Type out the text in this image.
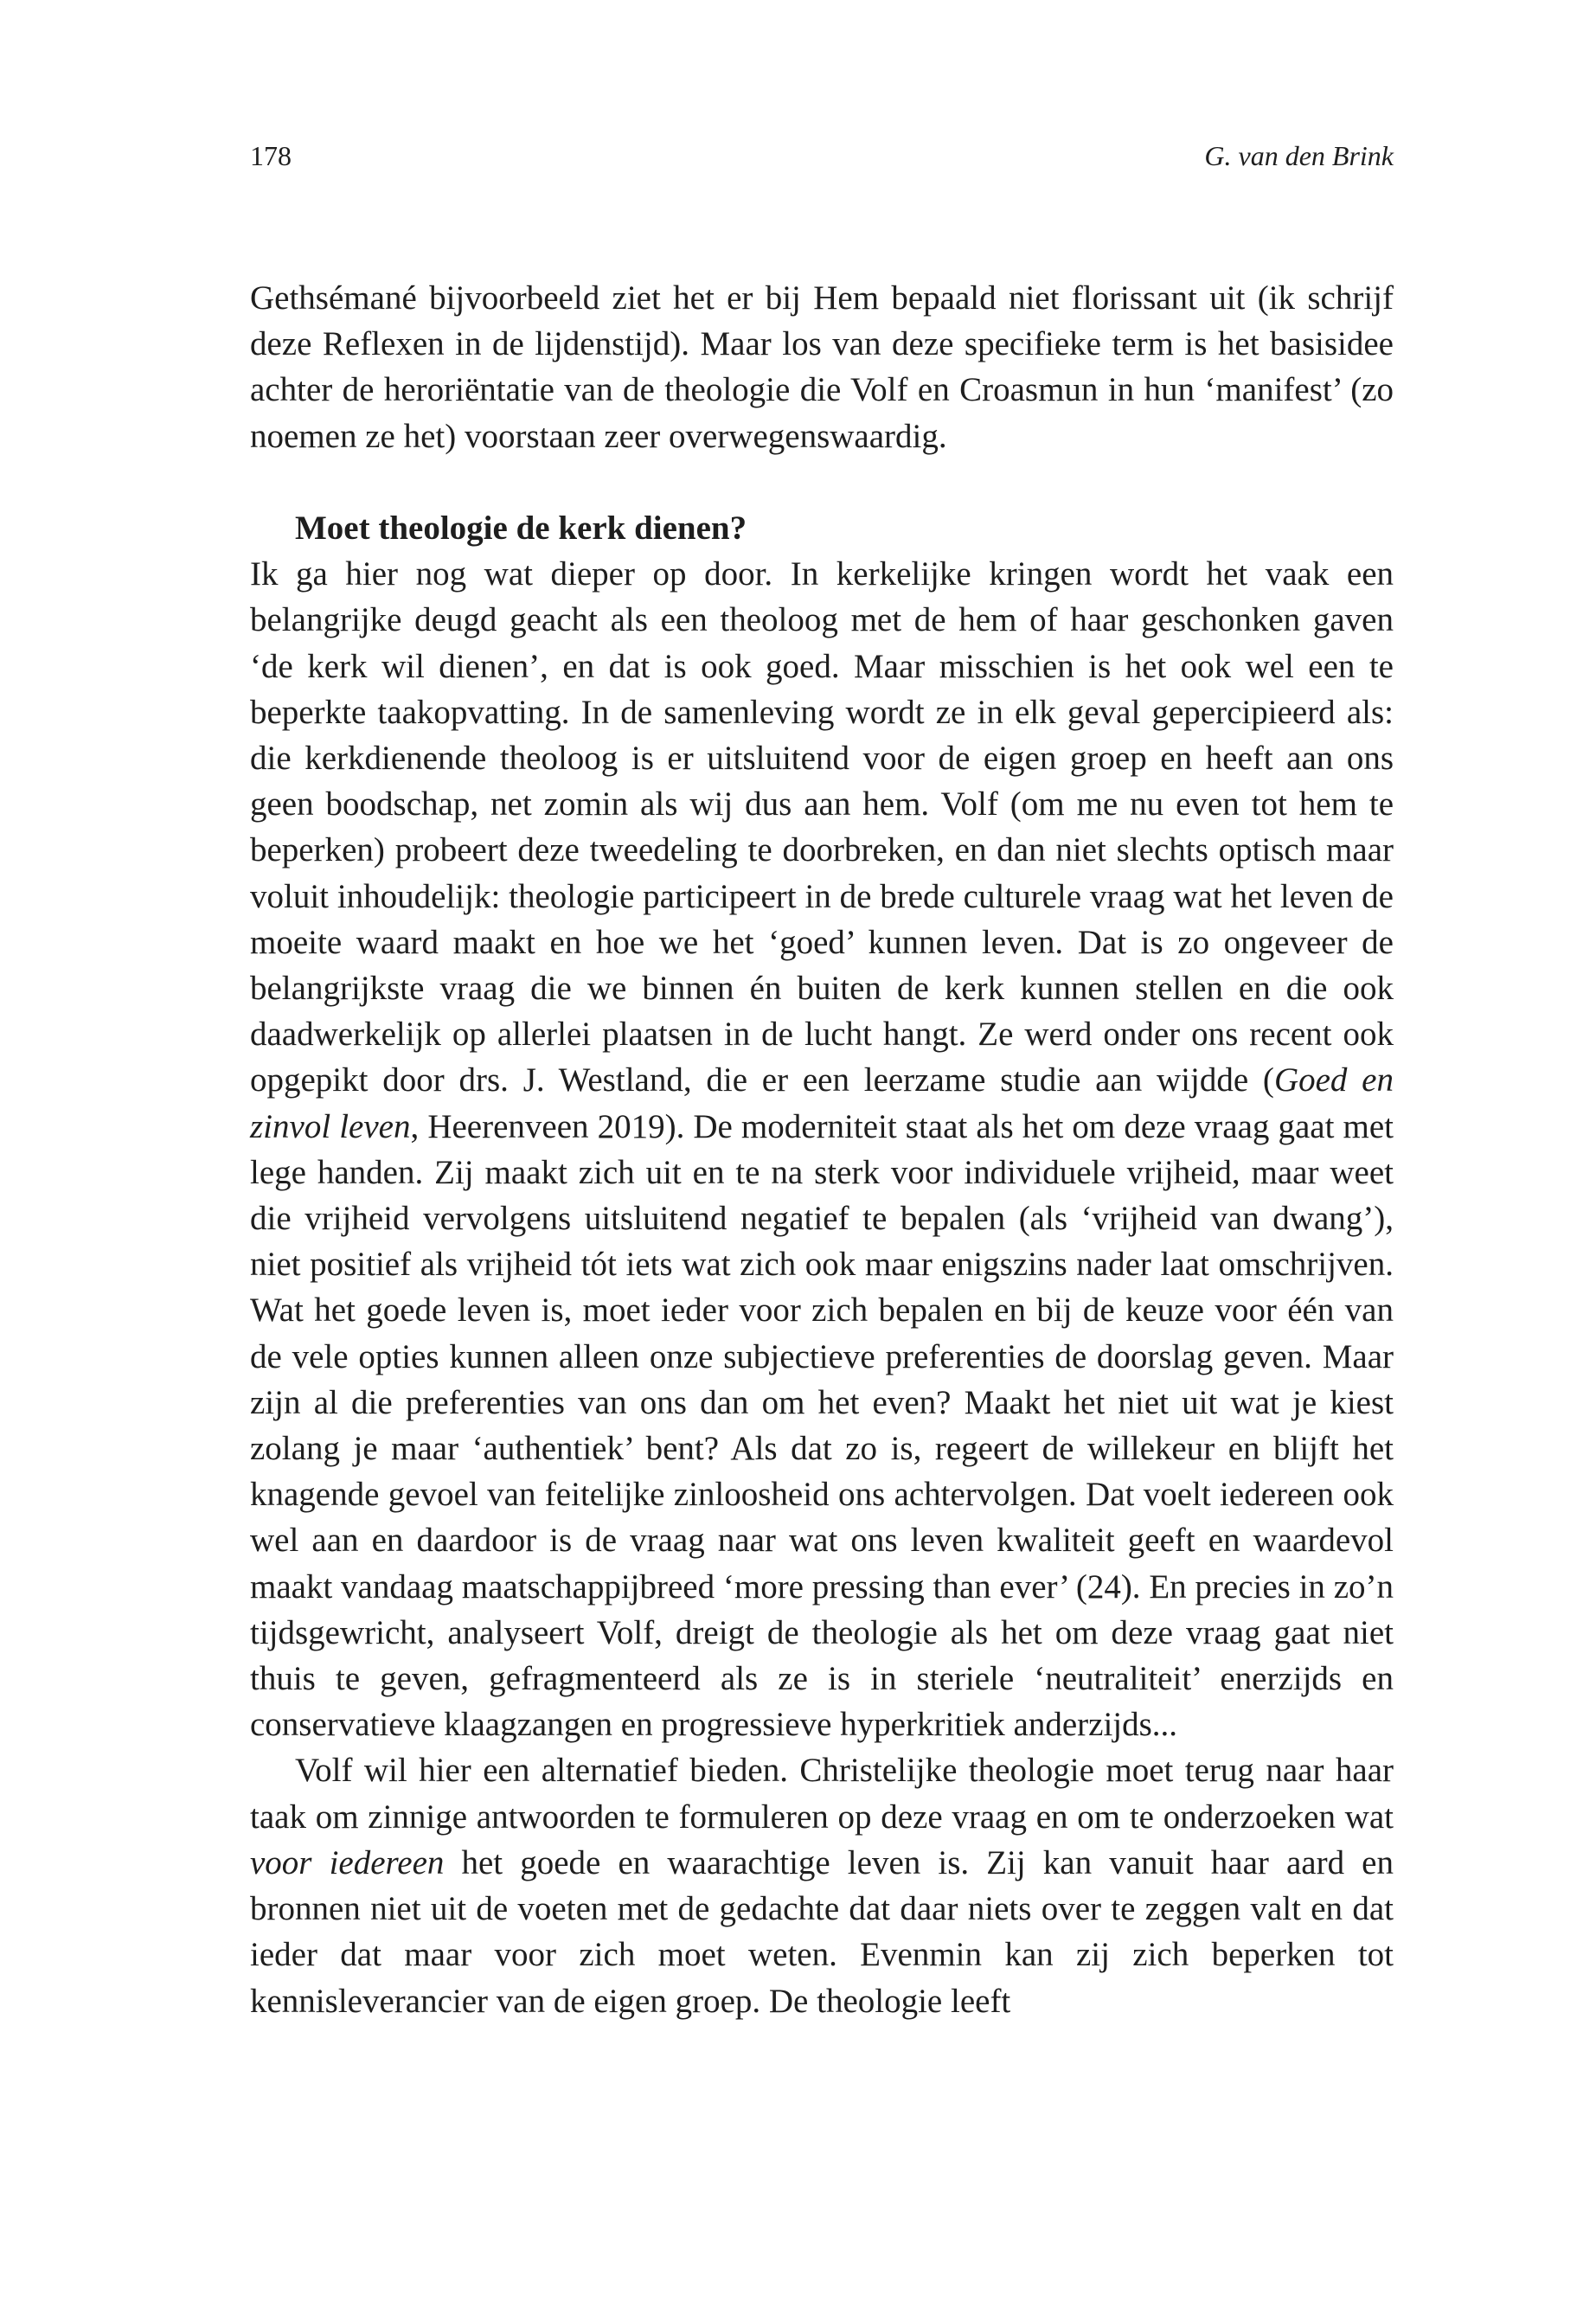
178	G. van den Brink

Gethsémané bijvoorbeeld ziet het er bij Hem bepaald niet florissant uit (ik schrijf deze Reflexen in de lijdenstijd). Maar los van deze specifieke term is het basisidee achter de heroriëntatie van de theologie die Volf en Croasmun in hun ‘manifest’ (zo noemen ze het) voorstaan zeer overwegenswaardig.

Moet theologie de kerk dienen?

Ik ga hier nog wat dieper op door. In kerkelijke kringen wordt het vaak een belangrijke deugd geacht als een theoloog met de hem of haar geschonken gaven ‘de kerk wil dienen’, en dat is ook goed. Maar misschien is het ook wel een te beperkte taakopvatting. In de samenleving wordt ze in elk geval gepercipieerd als: die kerkdienende theoloog is er uitsluitend voor de eigen groep en heeft aan ons geen boodschap, net zomin als wij dus aan hem. Volf (om me nu even tot hem te beperken) probeert deze tweedeling te doorbreken, en dan niet slechts optisch maar voluit inhoudelijk: theologie participeert in de brede culturele vraag wat het leven de moeite waard maakt en hoe we het ‘goed’ kunnen leven. Dat is zo ongeveer de belangrijkste vraag die we binnen én buiten de kerk kunnen stellen en die ook daadwerkelijk op allerlei plaatsen in de lucht hangt. Ze werd onder ons recent ook opgepikt door drs. J. Westland, die er een leerzame studie aan wijdde (Goed en zinvol leven, Heerenveen 2019). De moderniteit staat als het om deze vraag gaat met lege handen. Zij maakt zich uit en te na sterk voor individuele vrijheid, maar weet die vrijheid vervolgens uitsluitend negatief te bepalen (als ‘vrijheid van dwang’), niet positief als vrijheid tót iets wat zich ook maar enigszins nader laat omschrijven. Wat het goede leven is, moet ieder voor zich bepalen en bij de keuze voor één van de vele opties kunnen alleen onze subjectieve preferenties de doorslag geven. Maar zijn al die preferenties van ons dan om het even? Maakt het niet uit wat je kiest zolang je maar ‘authentiek’ bent? Als dat zo is, regeert de willekeur en blijft het knagende gevoel van feitelijke zinloosheid ons achtervolgen. Dat voelt iedereen ook wel aan en daardoor is de vraag naar wat ons leven kwaliteit geeft en waardevol maakt vandaag maatschappijbreed ‘more pressing than ever’ (24). En precies in zo’n tijdsgewricht, analyseert Volf, dreigt de theologie als het om deze vraag gaat niet thuis te geven, gefragmenteerd als ze is in steriele ‘neutraliteit’ enerzijds en conservatieve klaagzangen en progressieve hyperkritiek anderzijds...

Volf wil hier een alternatief bieden. Christelijke theologie moet terug naar haar taak om zinnige antwoorden te formuleren op deze vraag en om te onderzoeken wat voor iedereen het goede en waarachtige leven is. Zij kan vanuit haar aard en bronnen niet uit de voeten met de gedachte dat daar niets over te zeggen valt en dat ieder dat maar voor zich moet weten. Evenmin kan zij zich beperken tot kennisleverancier van de eigen groep. De theologie leeft
